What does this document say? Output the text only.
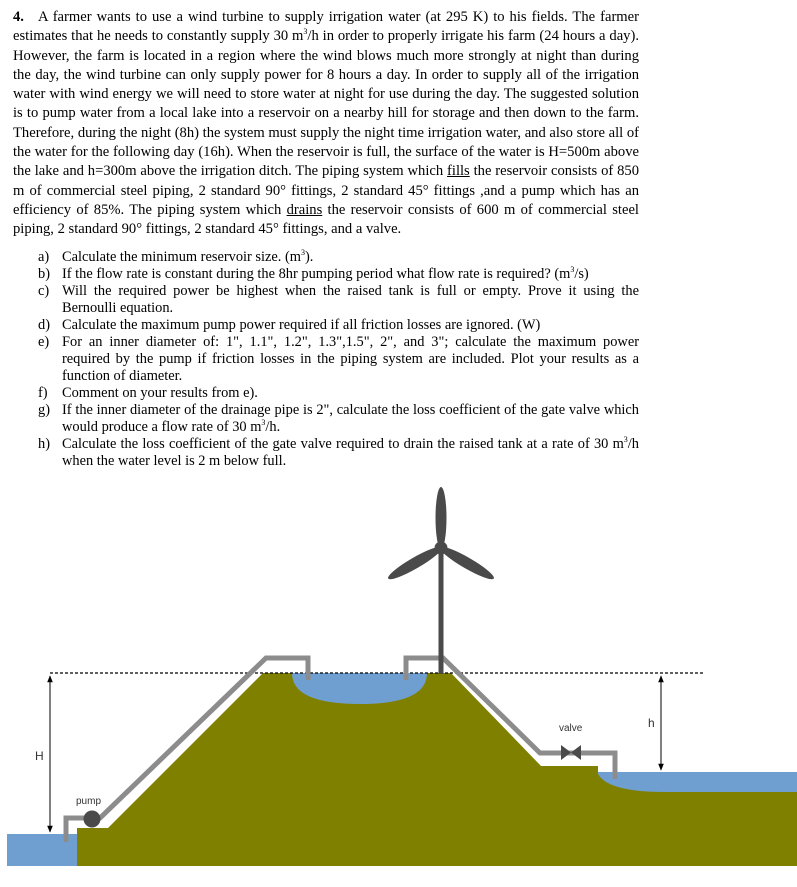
4. A farmer wants to use a wind turbine to supply irrigation water (at 295 K) to his fields. The farmer estimates that he needs to constantly supply 30 $m^3/h$ in order to properly irrigate his farm (24 hours a day). However, the farm is located in a region where the wind blows much more strongly at night than during the day, the wind turbine can only supply power for 8 hours a day. In order to supply all of the irrigation water with wind energy we will need to store water at night for use during the day. The suggested solution is to pump water from a local lake into a reservoir on a nearby hill for storage and then down to the farm. Therefore, during the night (8h) the system must supply the night time irrigation water, and also store all of the water for the following day (16h). When the reservoir is full, the surface of the water is H=500m above the lake and h=300m above the irrigation ditch. The piping system which fills the reservoir consists of 850 m of commercial steel piping, 2 standard 90° fittings, 2 standard 45° fittings ,and a pump which has an efficiency of 85%. The piping system which drains the reservoir consists of 600 m of commercial steel piping, 2 standard 90° fittings, 2 standard 45° fittings, and a valve.
a) Calculate the minimum reservoir size. $(m^3)$.
b) If the flow rate is constant during the 8hr pumping period what flow rate is required? $(m^3/s)$
c) Will the required power be highest when the raised tank is full or empty. Prove it using the Bernoulli equation.
d) Calculate the maximum pump power required if all friction losses are ignored. (W)
e) For an inner diameter of: 1", 1.1", 1.2", 1.3",1.5", 2", and 3"; calculate the maximum power required by the pump if friction losses in the piping system are included. Plot your results as a function of diameter.
f) Comment on your results from e).
g) If the inner diameter of the drainage pipe is 2", calculate the loss coefficient of the gate valve which would produce a flow rate of 30 $m^3/h$.
h) Calculate the loss coefficient of the gate valve required to drain the raised tank at a rate of 30 $m^3/h$ when the water level is 2 m below full.
H
h
pump
valve
